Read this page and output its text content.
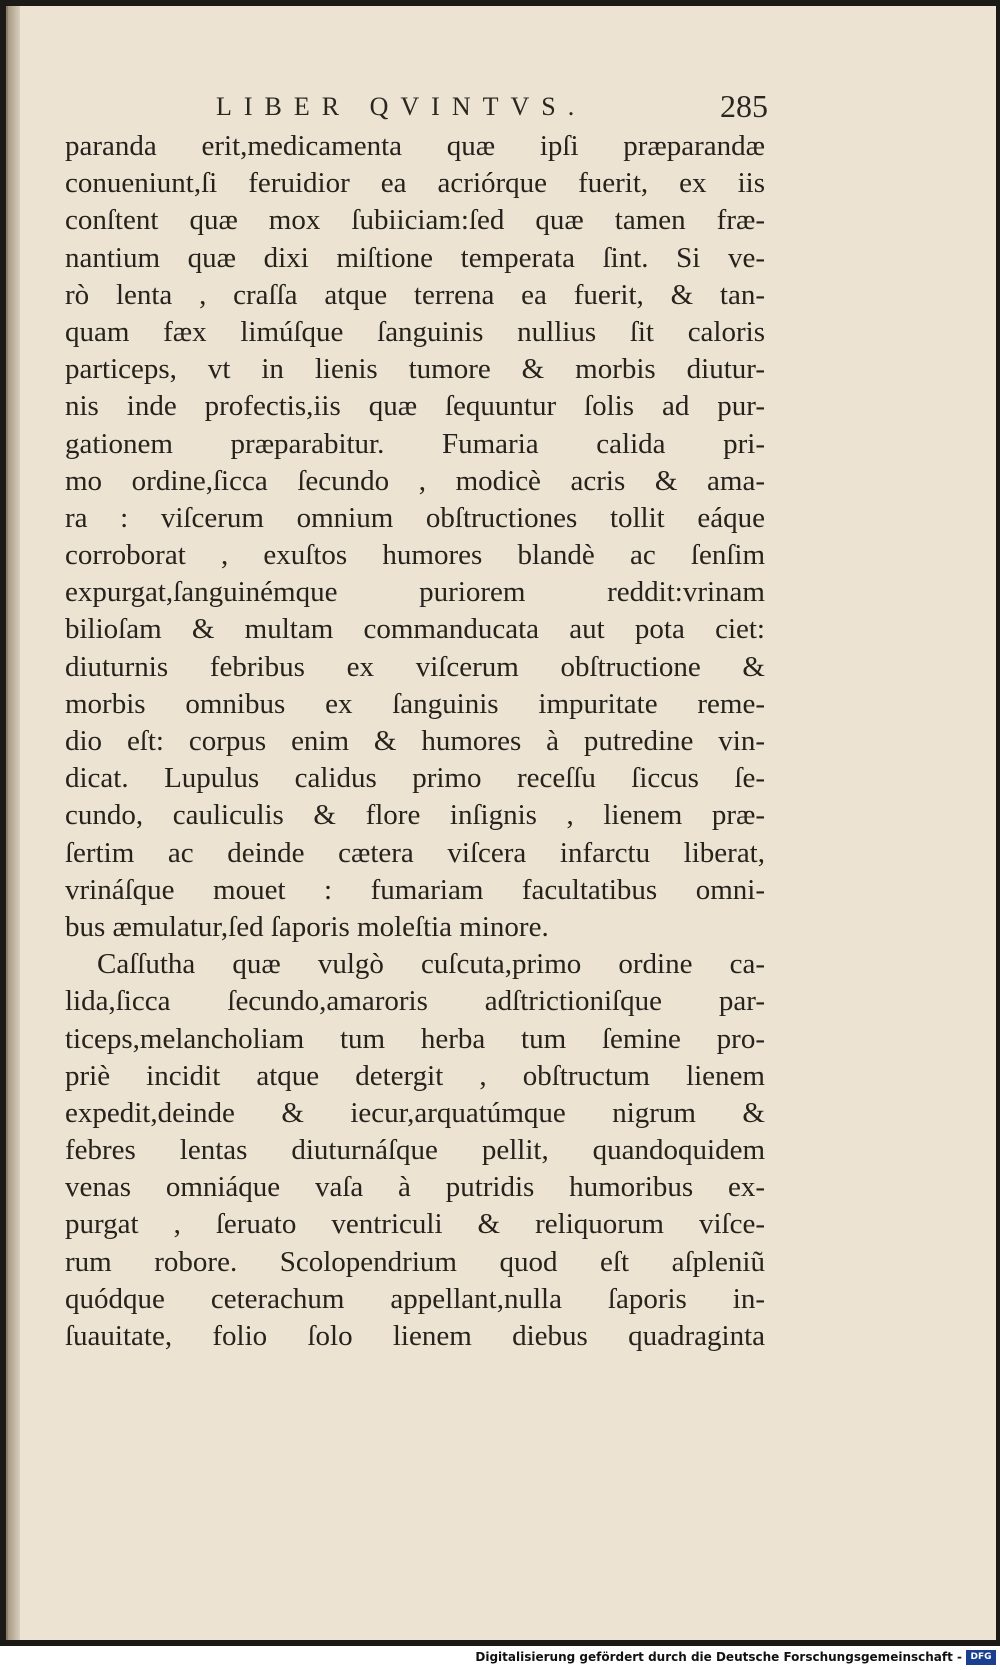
LIBER QVINTVS.	285
paranda erit,medicamenta quæ ipſi præparandæ
conueniunt,ſi feruidior ea acriórque fuerit, ex iis
conſtent quæ mox ſubiiciam:ſed quæ tamen fræ-
nantium quæ dixi miſtione temperata ſint. Si ve-
rò lenta , craſſa atque terrena ea fuerit, & tan-
quam fæx limúſque ſanguinis nullius ſit caloris
particeps, vt in lienis tumore & morbis diutur-
nis inde profectis,iis quæ ſequuntur ſolis ad pur-
gationem præparabitur. Fumaria calida pri-
mo ordine,ſicca ſecundo , modicè acris & ama-
ra : viſcerum omnium obſtructiones tollit eáque
corroborat , exuſtos humores blandè ac ſenſim
expurgat,ſanguinémque puriorem reddit:vrinam
bilioſam & multam commanducata aut pota ciet:
diuturnis febribus ex viſcerum obſtructione &
morbis omnibus ex ſanguinis impuritate reme-
dio eſt: corpus enim & humores à putredine vin-
dicat. Lupulus calidus primo receſſu ſiccus ſe-
cundo, cauliculis & flore inſignis , lienem præ-
ſertim ac deinde cætera viſcera infarctu liberat,
vrináſque mouet : fumariam facultatibus omni-
bus æmulatur,ſed ſaporis moleſtia minore.
Caſſutha quæ vulgò cuſcuta,primo ordine ca-
lida,ſicca ſecundo,amaroris adſtrictioniſque par-
ticeps,melancholiam tum herba tum ſemine pro-
priè incidit atque detergit , obſtructum lienem
expedit,deinde & iecur,arquatúmque nigrum &
febres lentas diuturnáſque pellit, quandoquidem
venas omniáque vaſa à putridis humoribus ex-
purgat , ſeruato ventriculi & reliquorum viſce-
rum robore. Scolopendrium quod eſt aſpleniũ
quódque ceterachum appellant,nulla ſaporis in-
ſuauitate, folio ſolo lienem diebus quadraginta
Digitalisierung gefördert durch die Deutsche Forschungsgemeinschaft - DFG
